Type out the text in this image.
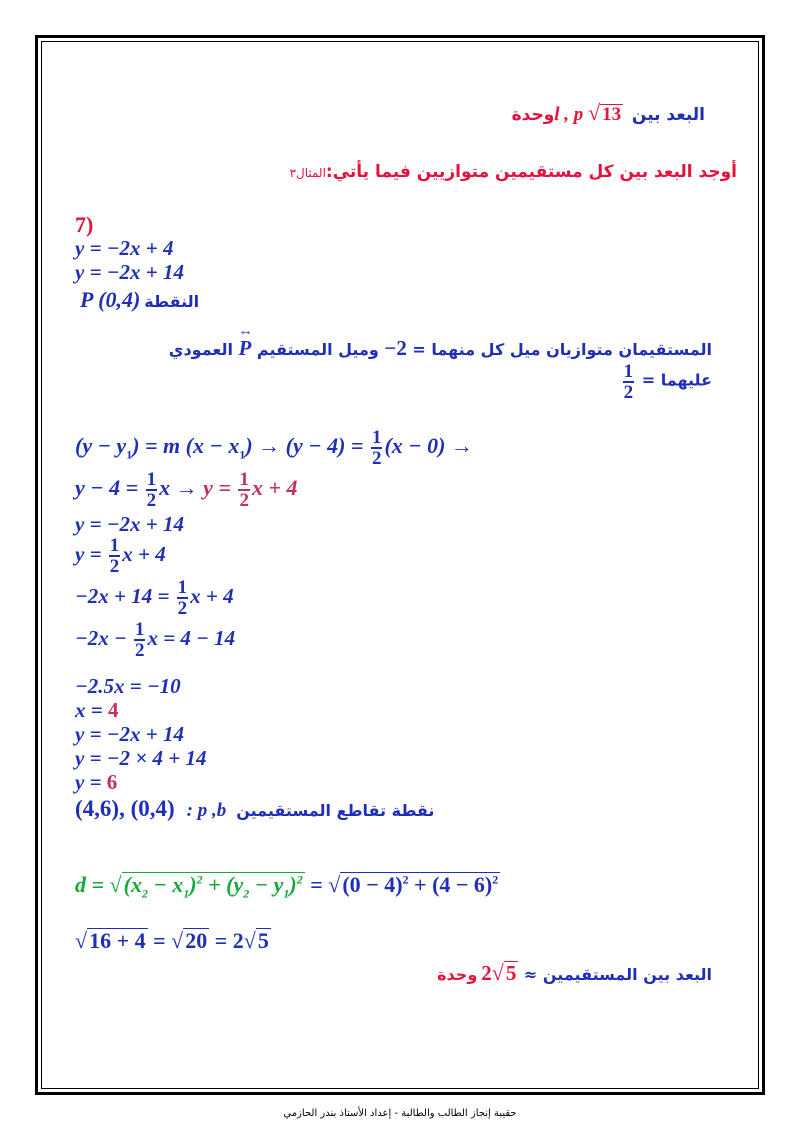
البعد بين l , p √ 13 وحدة
أوجد البعد بين كل مستقيمين متوازيين فيما يأتي:المثال٣
7)
y = −2x + 4
y = −2x + 14
P (0,4) النقطة
المستقيمان متوازيان ميل كل منهما = −2 وميل المستقيم
↔
P العمودي
عليهما =
$\frac{1}{2}$
$(y - y_1) = m$ $(x - x_1) \to (y - 4) = \frac{1}{2} (x - 0)$ →
$y - 4 = \frac{1}{2}$ $x \to y = \frac{1}{2}$ x + 4
y = −2x + 14
$y = \frac{1}{2}$ x + 4
$-2x + 14 = \frac{1}{2}$ x + 4
$-2x - \frac{1}{2}$ x = 4 − 14
−2.5x = −10
x = 4
y = −2x + 14
y = −2 × 4 + 14
y = 6
(4,6), (0,4) : p ,b نقطة تقاطع المستقيمين
$d = √(x_2 - x_1)^2 + (y_2 - y_1)^2 = √(0 - 4)^2 + (4 - 6)^2$
√16 + 4 = √20 = 2√5
البعد بين المستقيمين ≈ 2√5 وحدة
حقيبة إنجاز الطالب والطالبة - إعداد الأستاذ بندر الحازمي
